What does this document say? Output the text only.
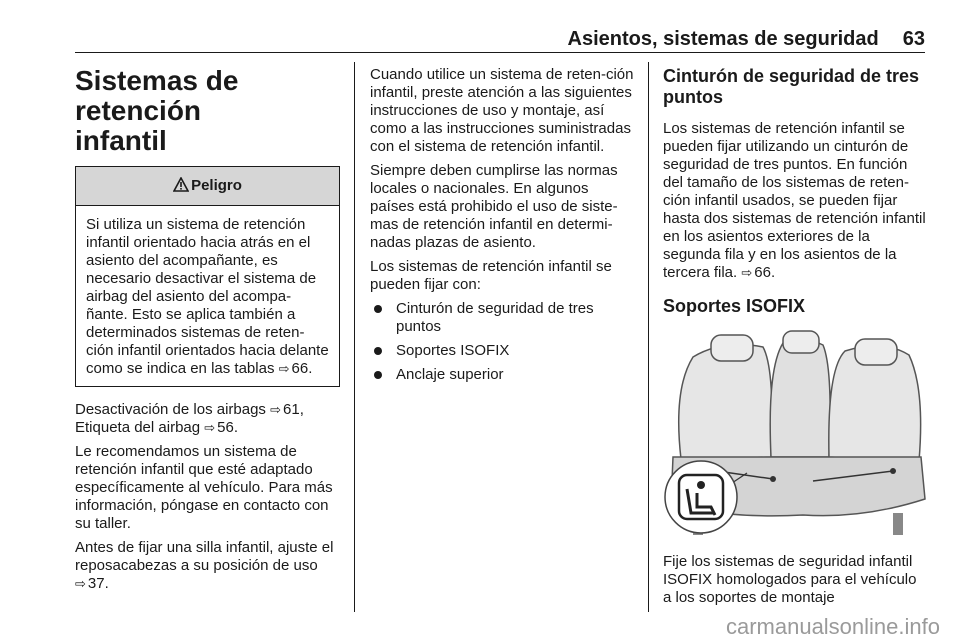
Asientos, sistemas de seguridad 63
Sistemas de retención
infantil
Peligro
Si utiliza un sistema de retención infantil orientado hacia atrás en el asiento del acompañante, es necesario desactivar el sistema de airbag del asiento del acompa-ñante. Esto se aplica también a determinados sistemas de reten-ción infantil orientados hacia delante como se indica en las tablas ⇨ 66.

Desactivación de los airbags ⇨ 61,
Etiqueta del airbag ⇨ 56.

Le recomendamos un sistema de retención infantil que esté adaptado específicamente al vehículo. Para más información, póngase en contacto con su taller.

Antes de fijar una silla infantil, ajuste el reposacabezas a su posición de uso ⇨ 37.

Cuando utilice un sistema de reten-ción infantil, preste atención a las siguientes instrucciones de uso y montaje, así como a las instrucciones suministradas con el sistema de retención infantil.

Siempre deben cumplirse las normas locales o nacionales. En algunos países está prohibido el uso de siste-mas de retención infantil en determi-nadas plazas de asiento.

Los sistemas de retención infantil se pueden fijar con:

Cinturón de seguridad de tres puntos
Soportes ISOFIX
Anclaje superior
Cinturón de seguridad de tres puntos

Los sistemas de retención infantil se pueden fijar utilizando un cinturón de seguridad de tres puntos. En función del tamaño de los sistemas de reten-ción infantil usados, se pueden fijar hasta dos sistemas de retención infantil en los asientos exteriores de la segunda fila y en los asientos de la tercera fila. ⇨ 66.

Soportes ISOFIX

Fije los sistemas de seguridad infantil ISOFIX homologados para el vehículo a los soportes de montaje

carmanualsonline.info
